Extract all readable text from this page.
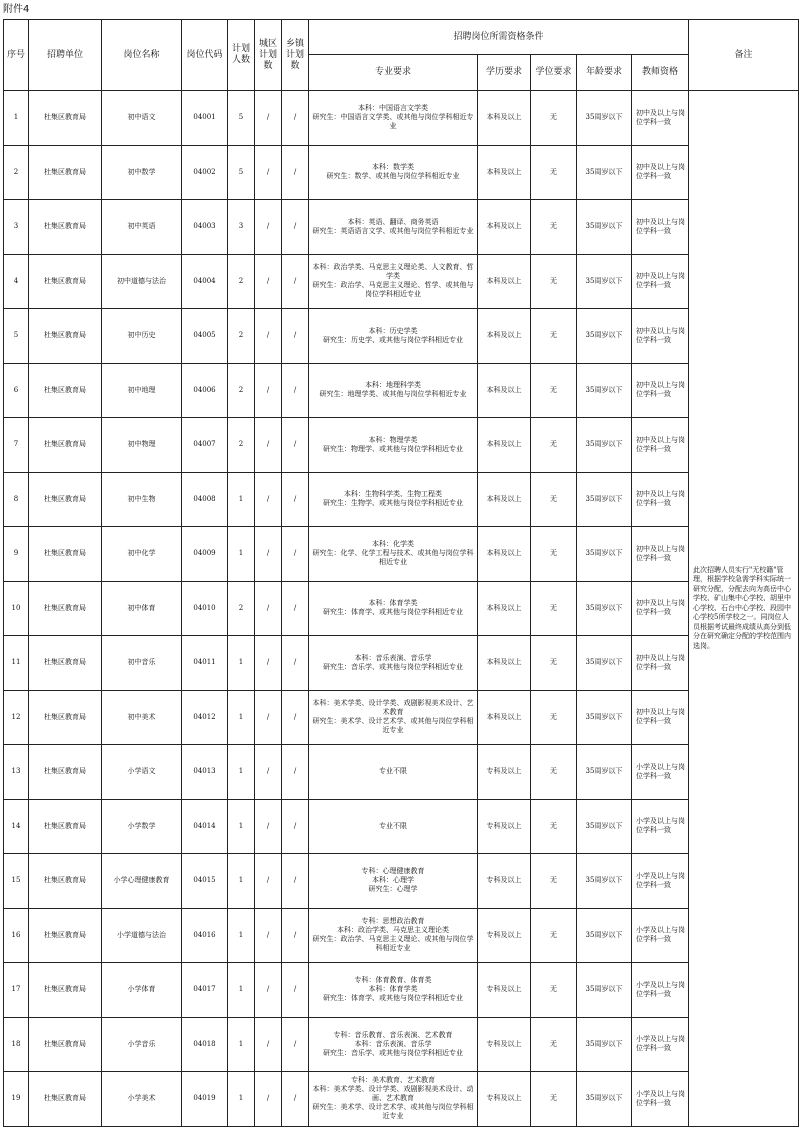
附件4
序号	招聘单位	岗位名称	岗位代码	计划人数	城区计划数	乡镇计划数	招聘岗位所需资格条件					备注
							专业要求	学历要求	学位要求	年龄要求	教师资格	
1	杜集区教育局	初中语文	04001	5	/	/	本科：中国语言文学类
研究生：中国语言文学类、或其他与岗位学科相近专业	本科及以上	无	35周岁以下	初中及以上与岗位学科一致	此次招聘人员实行"无校籍"管理，根据学校急需学科实际统一研究分配，分配去向为高岳中心学校、矿山集中心学校、胡里中心学校、石台中心学校、段园中心学校5所学校之一。同岗位人员根据考试最终成绩从高分到低分在研究确定分配的学校范围内选岗。
2	杜集区教育局	初中数学	04002	5	/	/	本科：数学类
研究生：数学、或其他与岗位学科相近专业	本科及以上	无	35周岁以下	初中及以上与岗位学科一致	
3	杜集区教育局	初中英语	04003	3	/	/	本科：英语、翻译、商务英语
研究生：英语语言文学、或其他与岗位学科相近专业	本科及以上	无	35周岁以下	初中及以上与岗位学科一致	
4	杜集区教育局	初中道德与法治	04004	2	/	/	本科：政治学类、马克思主义理论类、人文教育、哲学类
研究生：政治学、马克思主义理论、哲学、或其他与岗位学科相近专业	本科及以上	无	35周岁以下	初中及以上与岗位学科一致	
5	杜集区教育局	初中历史	04005	2	/	/	本科：历史学类
研究生：历史学、或其他与岗位学科相近专业	本科及以上	无	35周岁以下	初中及以上与岗位学科一致	
6	杜集区教育局	初中地理	04006	2	/	/	本科：地理科学类
研究生：地理学类、或其他与岗位学科相近专业	本科及以上	无	35周岁以下	初中及以上与岗位学科一致	
7	杜集区教育局	初中物理	04007	2	/	/	本科：物理学类
研究生：物理学、或其他与岗位学科相近专业	本科及以上	无	35周岁以下	初中及以上与岗位学科一致	
8	杜集区教育局	初中生物	04008	1	/	/	本科：生物科学类、生物工程类
研究生：生物学、或其他与岗位学科相近专业	本科及以上	无	35周岁以下	初中及以上与岗位学科一致	
9	杜集区教育局	初中化学	04009	1	/	/	本科：化学类
研究生：化学、化学工程与技术、或其他与岗位学科相近专业	本科及以上	无	35周岁以下	初中及以上与岗位学科一致	
10	杜集区教育局	初中体育	04010	2	/	/	本科：体育学类
研究生：体育学、或其他与岗位学科相近专业	本科及以上	无	35周岁以下	初中及以上与岗位学科一致	
11	杜集区教育局	初中音乐	04011	1	/	/	本科：音乐表演、音乐学
研究生：音乐学、或其他与岗位学科相近专业	本科及以上	无	35周岁以下	初中及以上与岗位学科一致	
12	杜集区教育局	初中美术	04012	1	/	/	本科：美术学类、设计学类、戏剧影视美术设计、艺术教育
研究生：美术学、设计艺术学、或其他与岗位学科相近专业	本科及以上	无	35周岁以下	初中及以上与岗位学科一致	
13	杜集区教育局	小学语文	04013	1	/	/	专业不限	专科及以上	无	35周岁以下	小学及以上与岗位学科一致	
14	杜集区教育局	小学数学	04014	1	/	/	专业不限	专科及以上	无	35周岁以下	小学及以上与岗位学科一致	
15	杜集区教育局	小学心理健康教育	04015	1	/	/	专科：心理健康教育
本科：心理学
研究生：心理学	专科及以上	无	35周岁以下	小学及以上与岗位学科一致	
16	杜集区教育局	小学道德与法治	04016	1	/	/	专科：思想政治教育
本科：政治学类、马克思主义理论类
研究生：政治学、马克思主义理论、或其他与岗位学科相近专业	专科及以上	无	35周岁以下	小学及以上与岗位学科一致	
17	杜集区教育局	小学体育	04017	1	/	/	专科：体育教育、体育类
本科：体育学类
研究生：体育学、或其他与岗位学科相近专业	专科及以上	无	35周岁以下	小学及以上与岗位学科一致	
18	杜集区教育局	小学音乐	04018	1	/	/	专科：音乐教育、音乐表演、艺术教育
本科：音乐表演、音乐学
研究生：音乐学、或其他与岗位学科相近专业	专科及以上	无	35周岁以下	小学及以上与岗位学科一致	
19	杜集区教育局	小学美术	04019	1	/	/	专科：美术教育、艺术教育
本科：美术学类、设计学类、戏剧影视美术设计、动画、艺术教育
研究生：美术学、设计艺术学、或其他与岗位学科相近专业	专科及以上	无	35周岁以下	小学及以上与岗位学科一致	
